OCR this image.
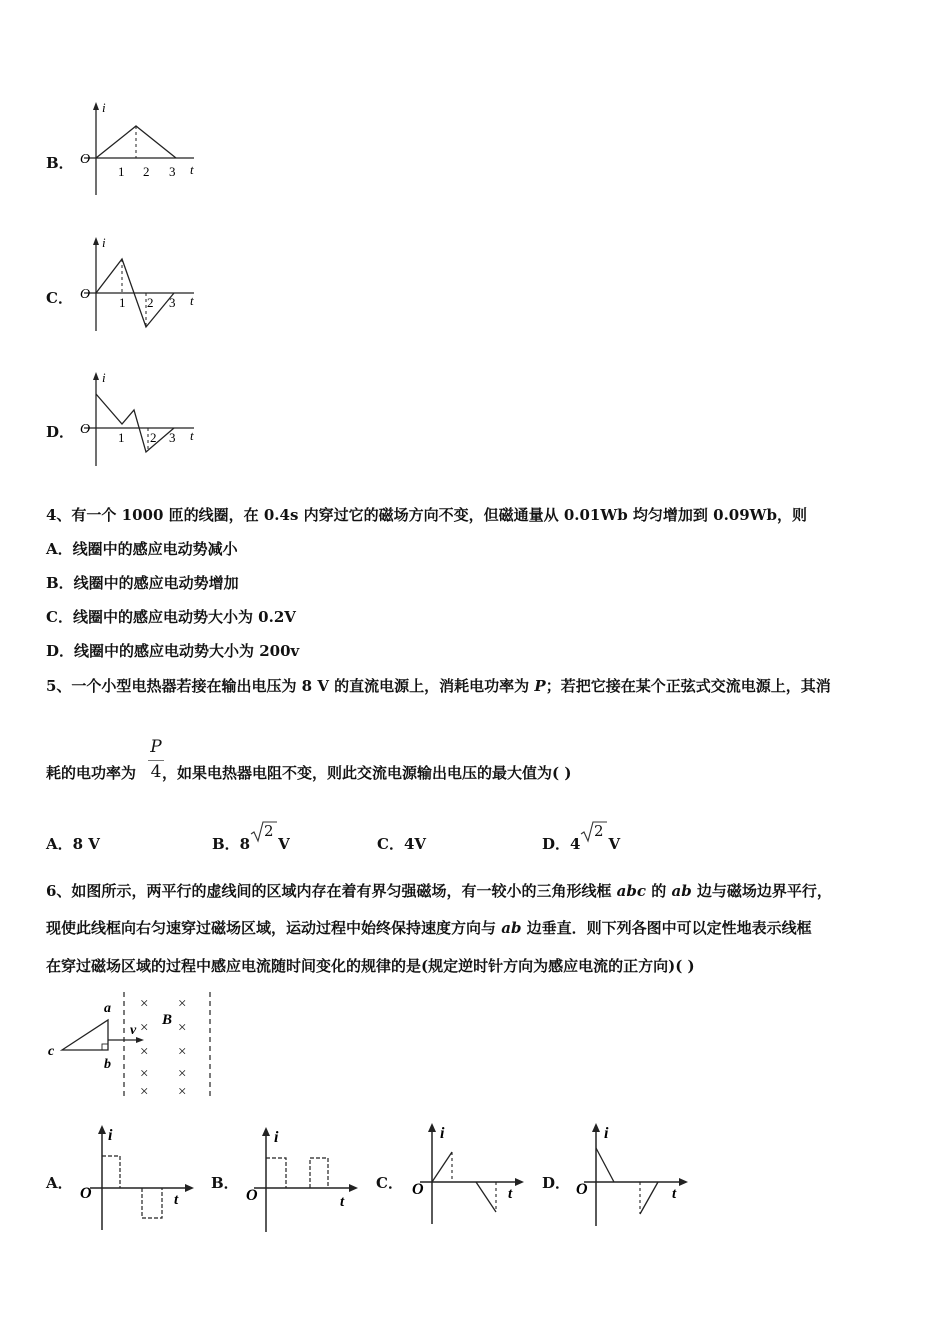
B．
i
O
t
1 2 3
C．
i
O	t
1 2 3
D．
i
O	t
1 2 3
4、有一个 1000 匝的线圈，在 0.4s 内穿过它的磁场方向不变，但磁通量从 0.01Wb 均匀增加到 0.09Wb，则
A．线圈中的感应电动势减小
B．线圈中的感应电动势增加
C．线圈中的感应电动势大小为 0.2V
D．线圈中的感应电动势大小为 200v
5、一个小型电热器若接在输出电压为 8 V 的直流电源上，消耗电功率为 P；若把它接在某个正弦式交流电源上，其消
耗的电功率为 ，如果电热器电阻不变，则此交流电源输出电压的最大值为( )
P
4
A．8 V	B．8 V
2
C．4V	D．4 V
2
6、如图所示，两平行的虚线间的区域内存在着有界匀强磁场，有一较小的三角形线框 abc 的 ab 边与磁场边界平行，
现使此线框向右匀速穿过磁场区域，运动过程中始终保持速度方向与 ab 边垂直．则下列各图中可以定性地表示线框
在穿过磁场区域的过程中感应电流随时间变化的规律的是(规定逆时针方向为感应电流的正方向)( )
a
b
c
v
B
× ×
× ×
× ×
× ×
× ×
A．
i
O	t
B．
i
O	t
C．
i
O	t
D．
i
O	t
